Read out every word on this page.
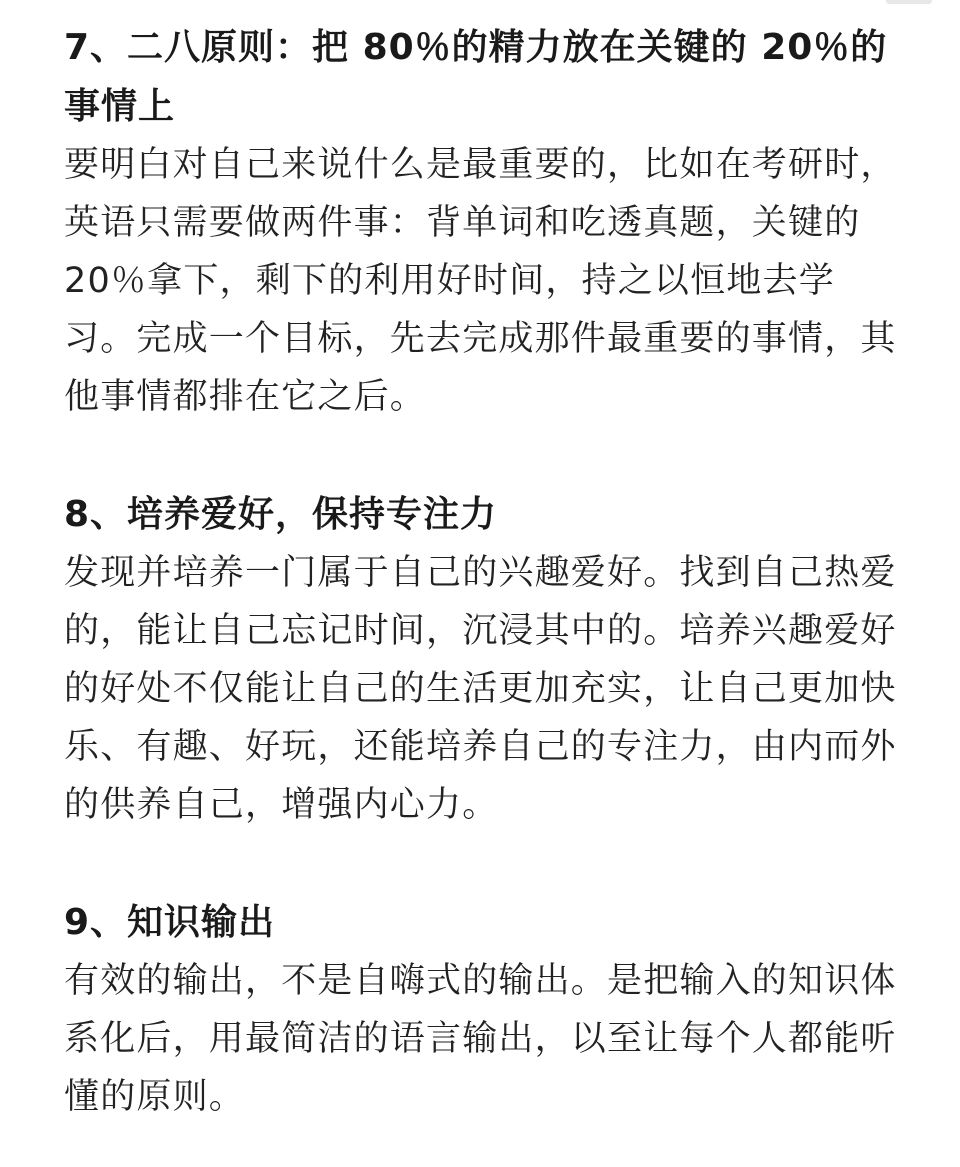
7、二八原则：把 80％的精力放在关键的 20％的事情上

要明白对自己来说什么是最重要的，比如在考研时，英语只需要做两件事：背单词和吃透真题，关键的 20％拿下，剩下的利用好时间，持之以恒地去学习。完成一个目标，先去完成那件最重要的事情，其他事情都排在它之后。

8、培养爱好，保持专注力

发现并培养一门属于自己的兴趣爱好。找到自己热爱的，能让自己忘记时间，沉浸其中的。培养兴趣爱好的好处不仅能让自己的生活更加充实，让自己更加快乐、有趣、好玩，还能培养自己的专注力，由内而外的供养自己，增强内心力。

9、知识输出

有效的输出，不是自嗨式的输出。是把输入的知识体系化后，用最简洁的语言输出，以至让每个人都能听懂的原则。
